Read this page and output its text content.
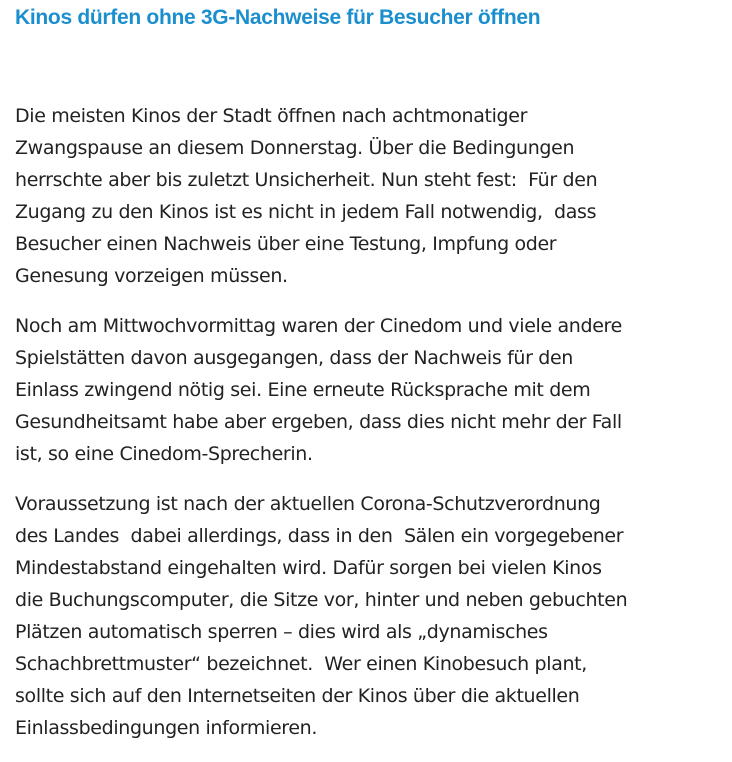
Kinos dürfen ohne 3G-Nachweise für Besucher öffnen

Die meisten Kinos der Stadt öffnen nach achtmonatiger
Zwangspause an diesem Donnerstag. Über die Bedingungen
herrschte aber bis zuletzt Unsicherheit. Nun steht fest:  Für den
Zugang zu den Kinos ist es nicht in jedem Fall notwendig,  dass
Besucher einen Nachweis über eine Testung, Impfung oder
Genesung vorzeigen müssen.

Noch am Mittwochvormittag waren der Cinedom und viele andere
Spielstätten davon ausgegangen, dass der Nachweis für den
Einlass zwingend nötig sei. Eine erneute Rücksprache mit dem
Gesundheitsamt habe aber ergeben, dass dies nicht mehr der Fall
ist, so eine Cinedom-Sprecherin.

Voraussetzung ist nach der aktuellen Corona-Schutzverordnung
des Landes  dabei allerdings, dass in den  Sälen ein vorgegebener
Mindestabstand eingehalten wird. Dafür sorgen bei vielen Kinos
die Buchungscomputer, die Sitze vor, hinter und neben gebuchten
Plätzen automatisch sperren – dies wird als „dynamisches
Schachbrettmuster“ bezeichnet.  Wer einen Kinobesuch plant,
sollte sich auf den Internetseiten der Kinos über die aktuellen
Einlassbedingungen informieren.
